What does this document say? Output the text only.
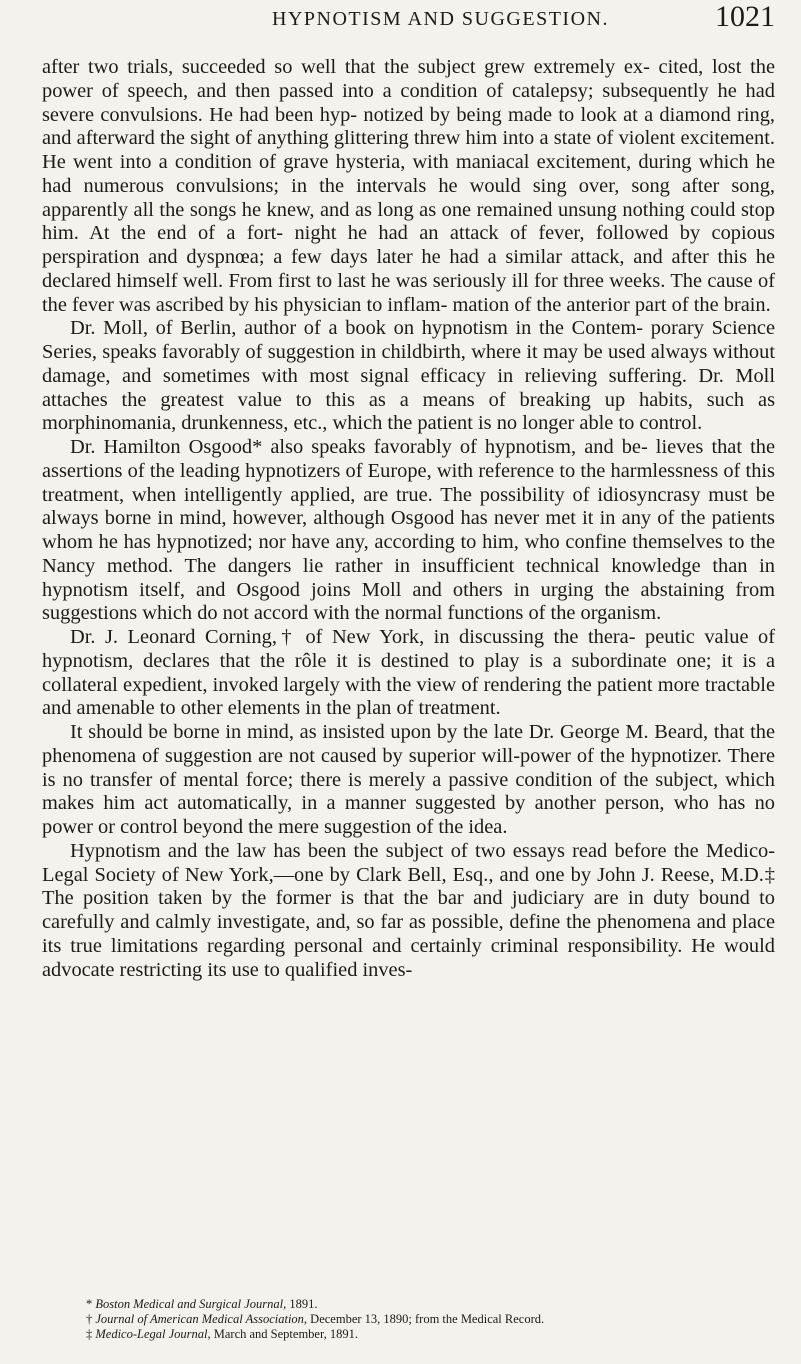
HYPNOTISM AND SUGGESTION.	1021

after two trials, succeeded so well that the subject grew extremely ex- cited, lost the power of speech, and then passed into a condition of catalepsy; subsequently he had severe convulsions. He had been hyp- notized by being made to look at a diamond ring, and afterward the sight of anything glittering threw him into a state of violent excitement. He went into a condition of grave hysteria, with maniacal excitement, during which he had numerous convulsions; in the intervals he would sing over, song after song, apparently all the songs he knew, and as long as one remained unsung nothing could stop him. At the end of a fort- night he had an attack of fever, followed by copious perspiration and dyspnœa; a few days later he had a similar attack, and after this he declared himself well. From first to last he was seriously ill for three weeks. The cause of the fever was ascribed by his physician to inflam- mation of the anterior part of the brain.

Dr. Moll, of Berlin, author of a book on hypnotism in the Contem- porary Science Series, speaks favorably of suggestion in childbirth, where it may be used always without damage, and sometimes with most signal efficacy in relieving suffering. Dr. Moll attaches the greatest value to this as a means of breaking up habits, such as morphinomania, drunkenness, etc., which the patient is no longer able to control.

Dr. Hamilton Osgood* also speaks favorably of hypnotism, and be- lieves that the assertions of the leading hypnotizers of Europe, with reference to the harmlessness of this treatment, when intelligently applied, are true. The possibility of idiosyncrasy must be always borne in mind, however, although Osgood has never met it in any of the patients whom he has hypnotized; nor have any, according to him, who confine themselves to the Nancy method. The dangers lie rather in insufficient technical knowledge than in hypnotism itself, and Osgood joins Moll and others in urging the abstaining from suggestions which do not accord with the normal functions of the organism.

Dr. J. Leonard Corning,† of New York, in discussing the thera- peutic value of hypnotism, declares that the rôle it is destined to play is a subordinate one; it is a collateral expedient, invoked largely with the view of rendering the patient more tractable and amenable to other elements in the plan of treatment.

It should be borne in mind, as insisted upon by the late Dr. George M. Beard, that the phenomena of suggestion are not caused by superior will-power of the hypnotizer. There is no transfer of mental force; there is merely a passive condition of the subject, which makes him act automatically, in a manner suggested by another person, who has no power or control beyond the mere suggestion of the idea.

Hypnotism and the law has been the subject of two essays read before the Medico-Legal Society of New York,—one by Clark Bell, Esq., and one by John J. Reese, M.D.‡ The position taken by the former is that the bar and judiciary are in duty bound to carefully and calmly investigate, and, so far as possible, define the phenomena and place its true limitations regarding personal and certainly criminal responsibility. He would advocate restricting its use to qualified inves-

* Boston Medical and Surgical Journal, 1891.

† Journal of American Medical Association, December 13, 1890; from the Medical Record.

‡ Medico-Legal Journal, March and September, 1891.
